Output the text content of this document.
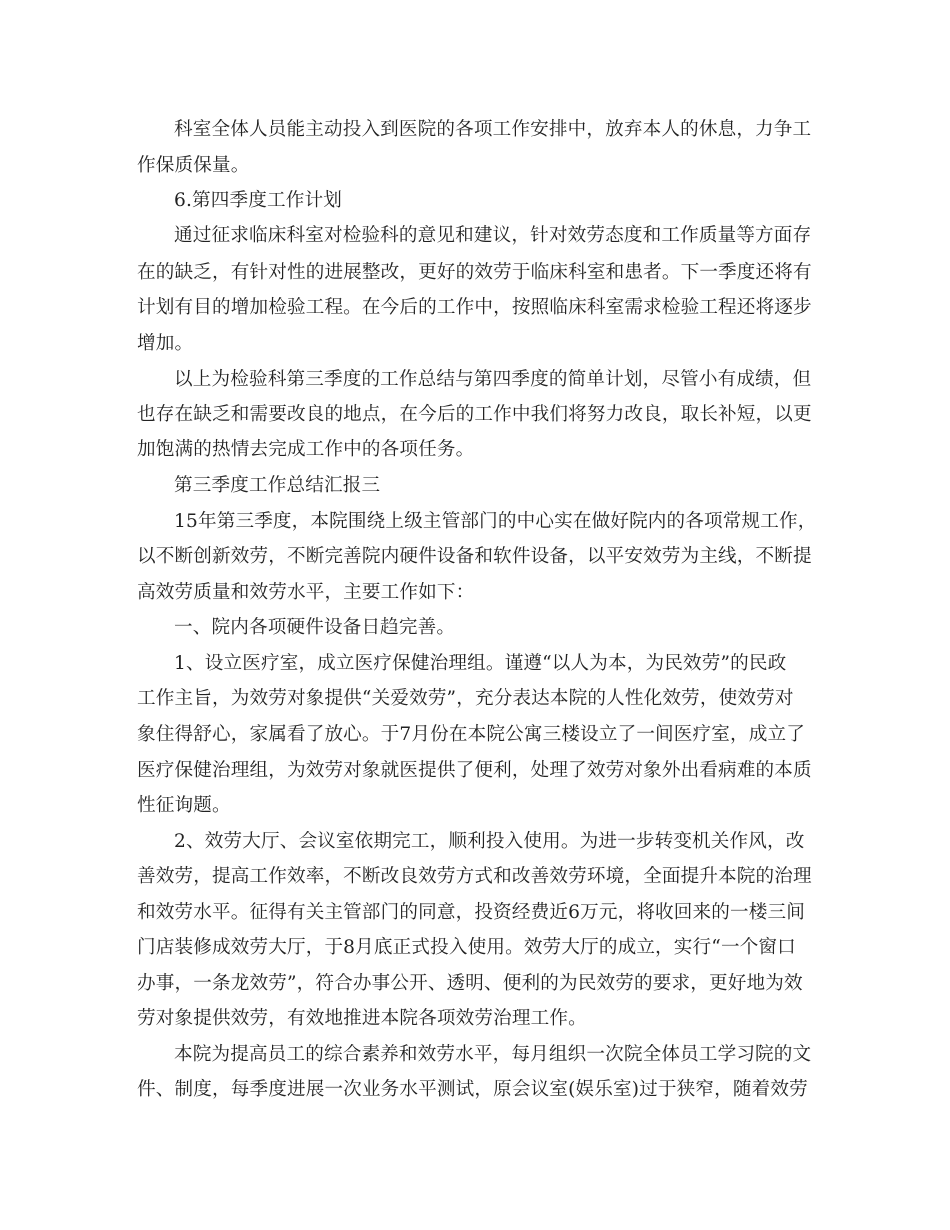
科室全体人员能主动投入到医院的各项工作安排中，放弃本人的休息，力争工
作保质保量。
6.第四季度工作计划
通过征求临床科室对检验科的意见和建议，针对效劳态度和工作质量等方面存
在的缺乏，有针对性的进展整改，更好的效劳于临床科室和患者。下一季度还将有
计划有目的增加检验工程。在今后的工作中，按照临床科室需求检验工程还将逐步
增加。
以上为检验科第三季度的工作总结与第四季度的简单计划，尽管小有成绩，但
也存在缺乏和需要改良的地点，在今后的工作中我们将努力改良，取长补短，以更
加饱满的热情去完成工作中的各项任务。
第三季度工作总结汇报三
15年第三季度，本院围绕上级主管部门的中心实在做好院内的各项常规工作，
以不断创新效劳，不断完善院内硬件设备和软件设备，以平安效劳为主线，不断提
高效劳质量和效劳水平，主要工作如下：
一、院内各项硬件设备日趋完善。
1、设立医疗室，成立医疗保健治理组。谨遵“以人为本，为民效劳”的民政
工作主旨，为效劳对象提供“关爱效劳”，充分表达本院的人性化效劳，使效劳对
象住得舒心，家属看了放心。于7月份在本院公寓三楼设立了一间医疗室，成立了
医疗保健治理组，为效劳对象就医提供了便利，处理了效劳对象外出看病难的本质
性征询题。
2、效劳大厅、会议室依期完工，顺利投入使用。为进一步转变机关作风，改
善效劳，提高工作效率，不断改良效劳方式和改善效劳环境，全面提升本院的治理
和效劳水平。征得有关主管部门的同意，投资经费近6万元，将收回来的一楼三间
门店装修成效劳大厅，于8月底正式投入使用。效劳大厅的成立，实行“一个窗口
办事，一条龙效劳”，符合办事公开、透明、便利的为民效劳的要求，更好地为效
劳对象提供效劳，有效地推进本院各项效劳治理工作。
本院为提高员工的综合素养和效劳水平，每月组织一次院全体员工学习院的文
件、制度，每季度进展一次业务水平测试，原会议室(娱乐室)过于狭窄，随着效劳
